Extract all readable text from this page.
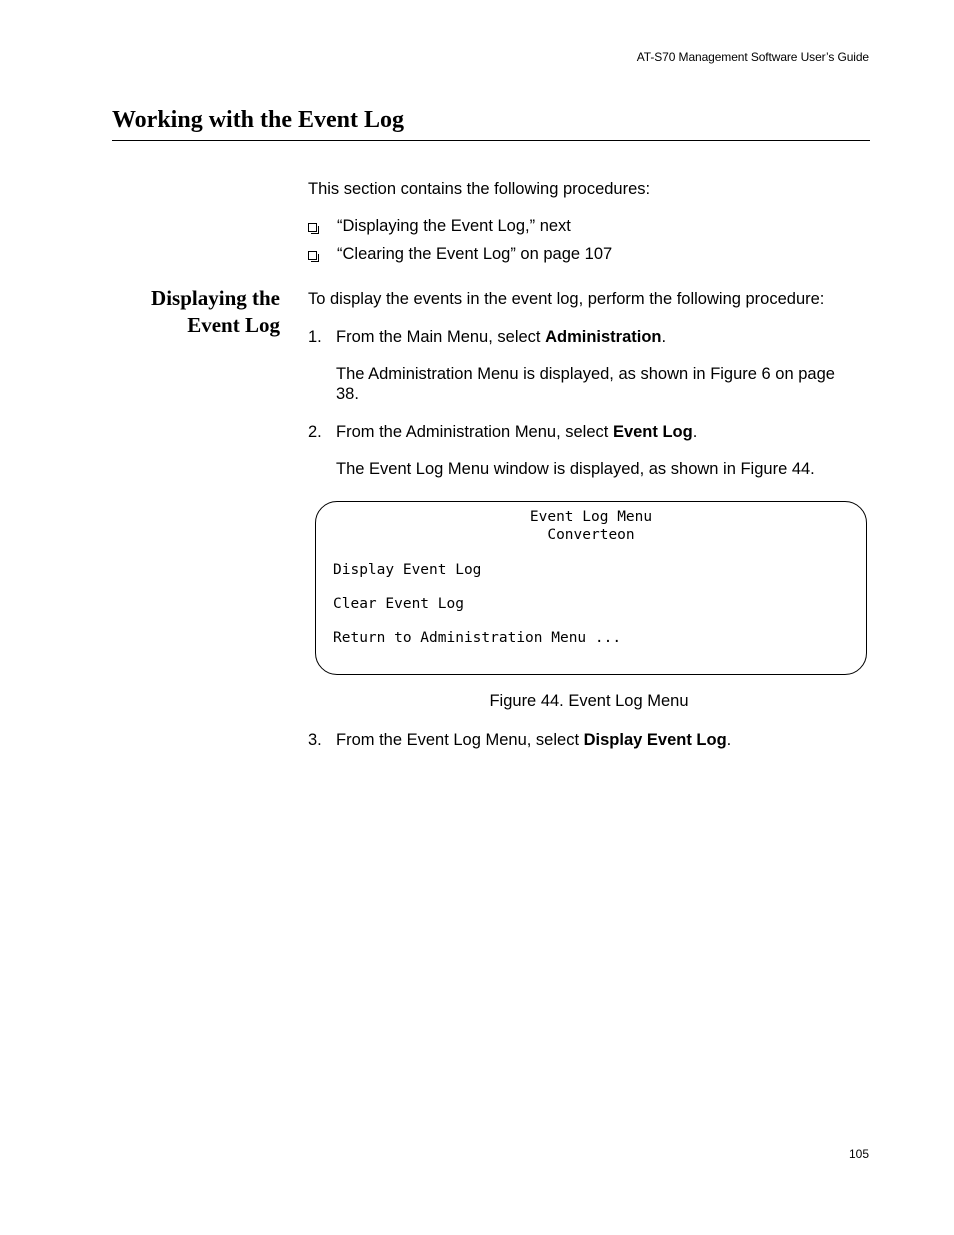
AT-S70 Management Software User’s Guide
Working with the Event Log
This section contains the following procedures:
“Displaying the Event Log,” next
“Clearing the Event Log” on page 107
Displaying the
Event Log
To display the events in the event log, perform the following procedure:
1. From the Main Menu, select Administration.
The Administration Menu is displayed, as shown in Figure 6 on page
38.
2. From the Administration Menu, select Event Log.
The Event Log Menu window is displayed, as shown in Figure 44.
Event Log Menu
Converteon
Display Event Log
Clear Event Log
Return to Administration Menu ...
Figure 44. Event Log Menu
3. From the Event Log Menu, select Display Event Log.
105
